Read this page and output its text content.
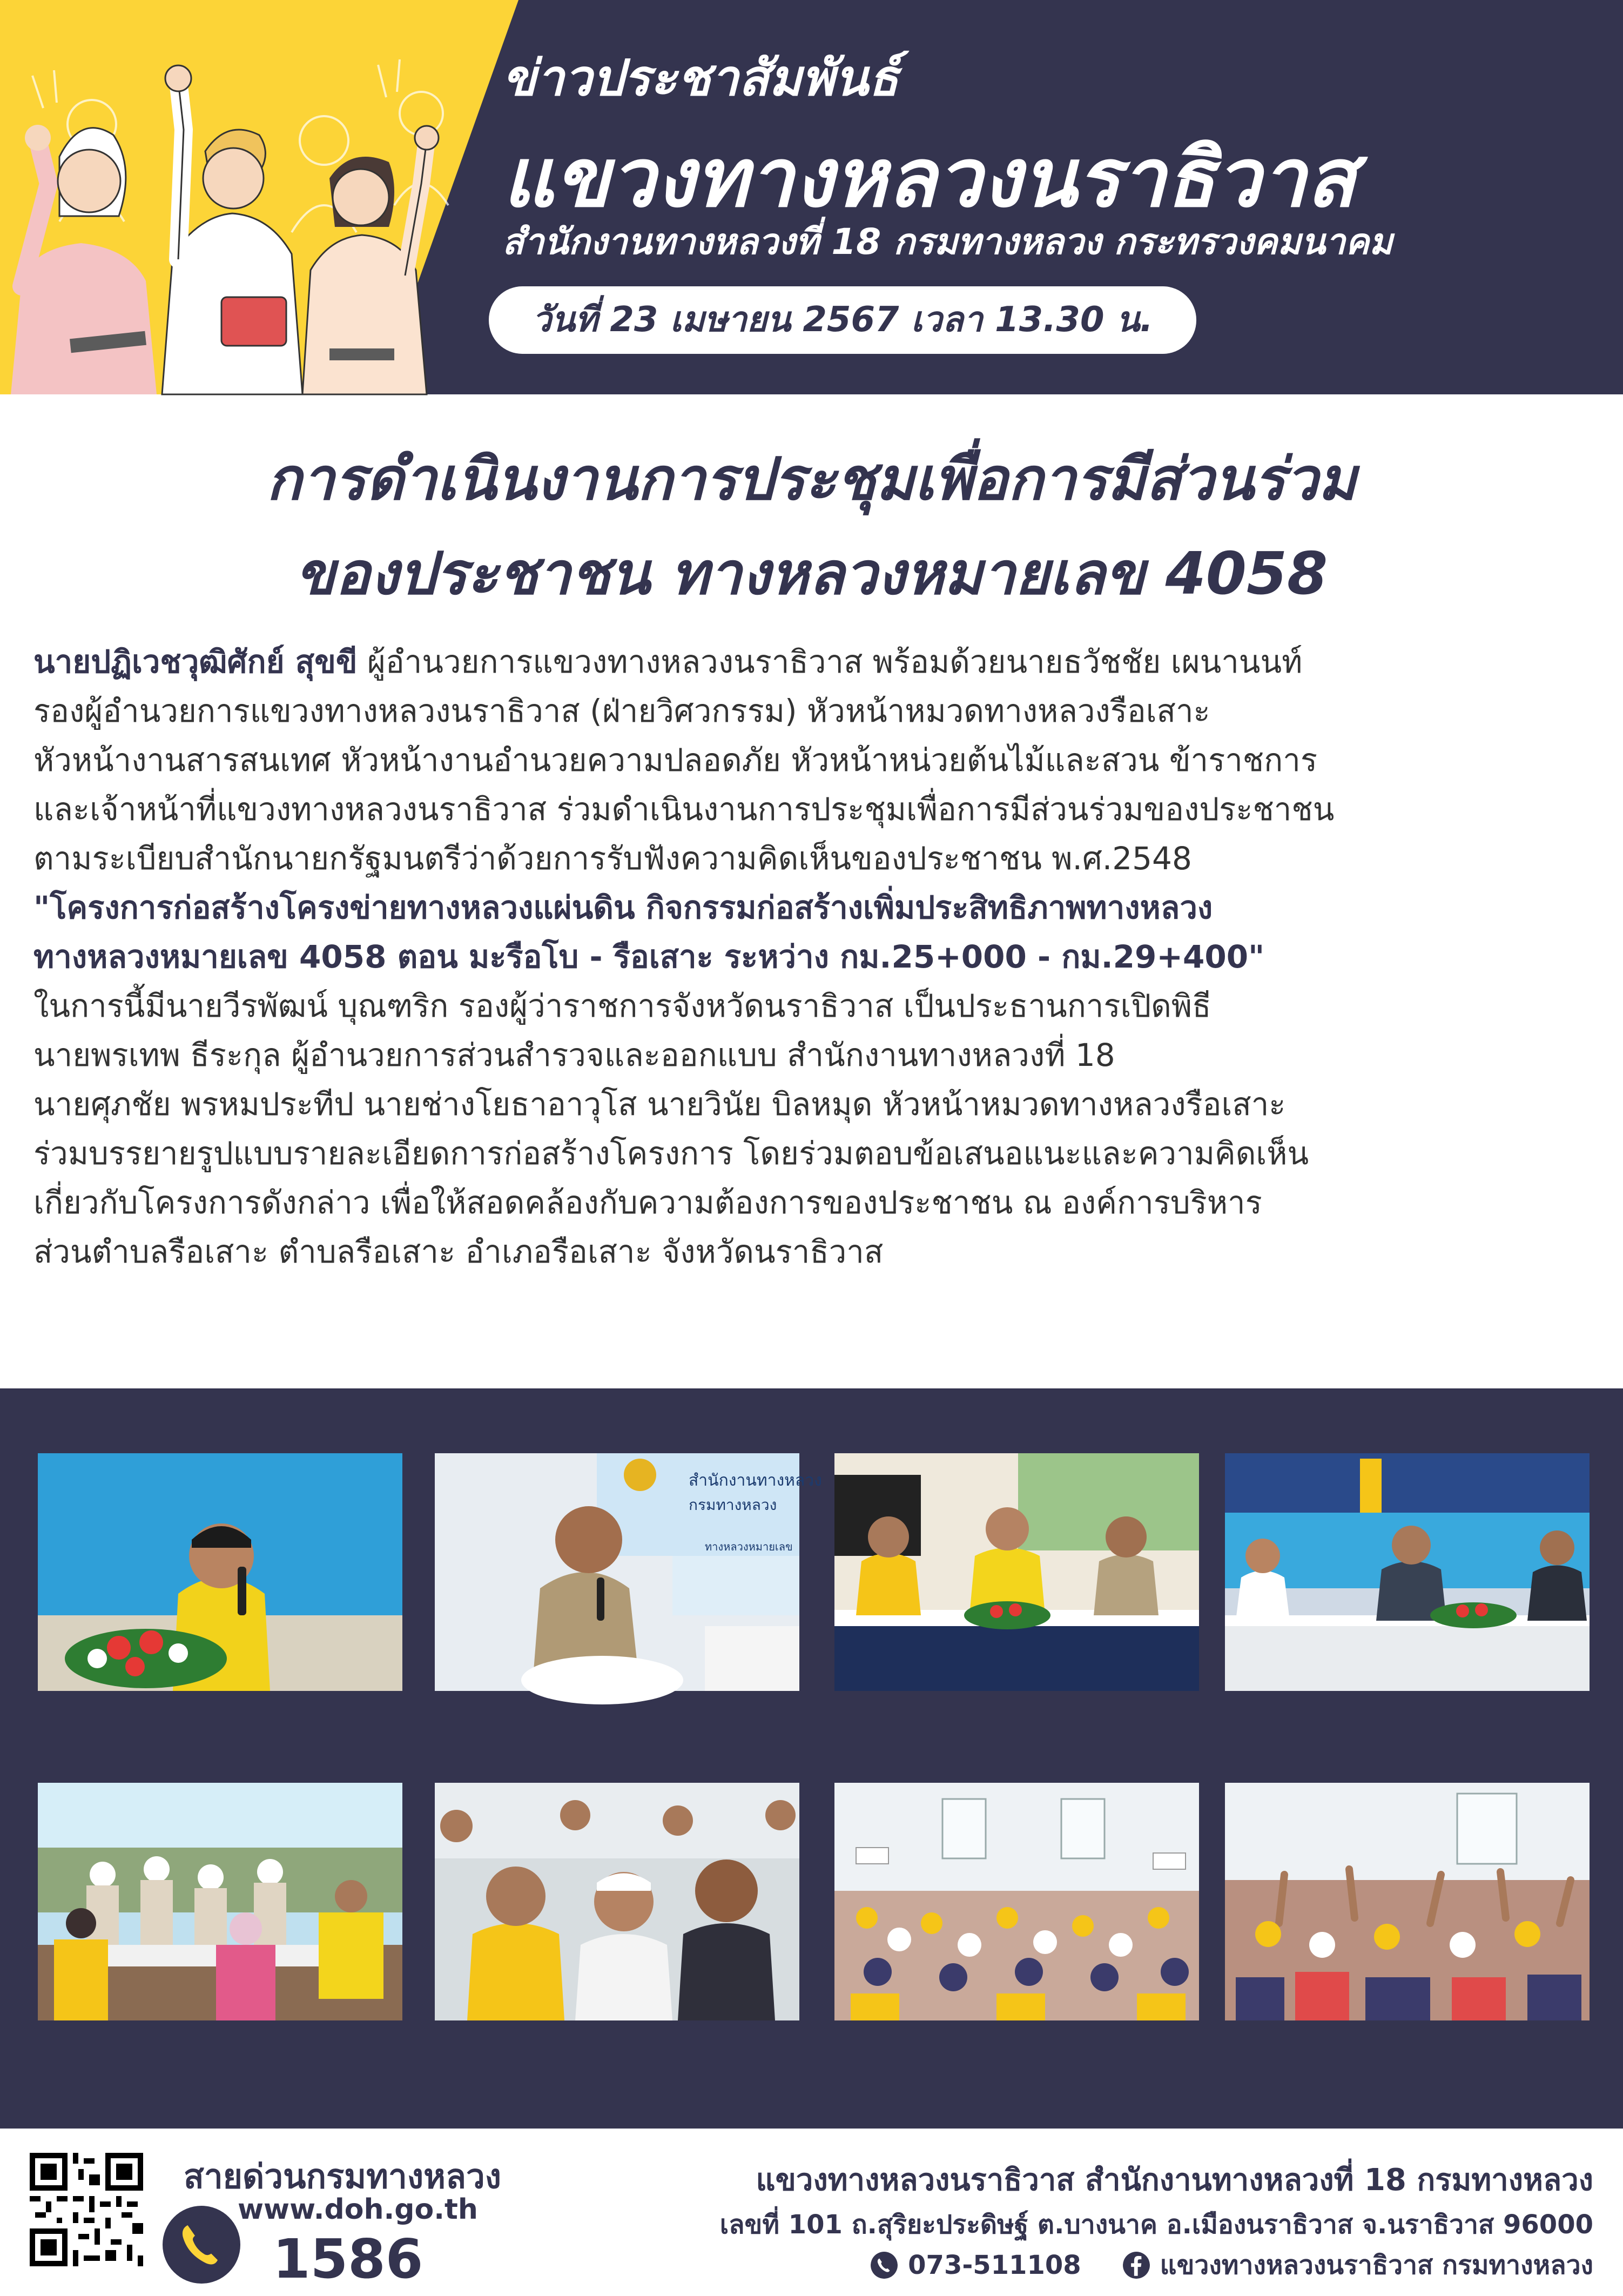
ข่าวประชาสัมพันธ์
แขวงทางหลวงนราธิวาส
สำนักงานทางหลวงที่ 18 กรมทางหลวง กระทรวงคมนาคม
วันที่ 23 เมษายน 2567 เวลา 13.30 น.
การดำเนินงานการประชุมเพื่อการมีส่วนร่วม
ของประชาชน ทางหลวงหมายเลข 4058
นายปฏิเวชวุฒิศักย์ สุขขี ผู้อำนวยการแขวงทางหลวงนราธิวาส พร้อมด้วยนายธวัชชัย เผนานนท์
รองผู้อำนวยการแขวงทางหลวงนราธิวาส (ฝ่ายวิศวกรรม) หัวหน้าหมวดทางหลวงรือเสาะ
หัวหน้างานสารสนเทศ หัวหน้างานอำนวยความปลอดภัย หัวหน้าหน่วยต้นไม้และสวน ข้าราชการ
และเจ้าหน้าที่แขวงทางหลวงนราธิวาส ร่วมดำเนินงานการประชุมเพื่อการมีส่วนร่วมของประชาชน
ตามระเบียบสำนักนายกรัฐมนตรีว่าด้วยการรับฟังความคิดเห็นของประชาชน พ.ศ.2548
"โครงการก่อสร้างโครงข่ายทางหลวงแผ่นดิน กิจกรรมก่อสร้างเพิ่มประสิทธิภาพทางหลวง
ทางหลวงหมายเลข 4058 ตอน มะรือโบ - รือเสาะ ระหว่าง กม.25+000 - กม.29+400"
ในการนี้มีนายวีรพัฒน์ บุณฑริก รองผู้ว่าราชการจังหวัดนราธิวาส เป็นประธานการเปิดพิธี
นายพรเทพ ธีระกุล ผู้อำนวยการส่วนสำรวจและออกแบบ สำนักงานทางหลวงที่ 18
นายศุภชัย พรหมประทีป นายช่างโยธาอาวุโส นายวินัย บิลหมุด หัวหน้าหมวดทางหลวงรือเสาะ
ร่วมบรรยายรูปแบบรายละเอียดการก่อสร้างโครงการ โดยร่วมตอบข้อเสนอแนะและความคิดเห็น
เกี่ยวกับโครงการดังกล่าว เพื่อให้สอดคล้องกับความต้องการของประชาชน ณ องค์การบริหาร
ส่วนตำบลรือเสาะ ตำบลรือเสาะ อำเภอรือเสาะ จังหวัดนราธิวาส
สำนักงานทางหลวง
กรมทางหลวง
ทางหลวงหมายเลข
สายด่วนกรมทางหลวง
www.doh.go.th
1586
แขวงทางหลวงนราธิวาส สำนักงานทางหลวงที่ 18 กรมทางหลวง
เลขที่ 101 ถ.สุริยะประดิษฐ์ ต.บางนาค อ.เมืองนราธิวาส จ.นราธิวาส 96000
073-511108	แขวงทางหลวงนราธิวาส กรมทางหลวง
